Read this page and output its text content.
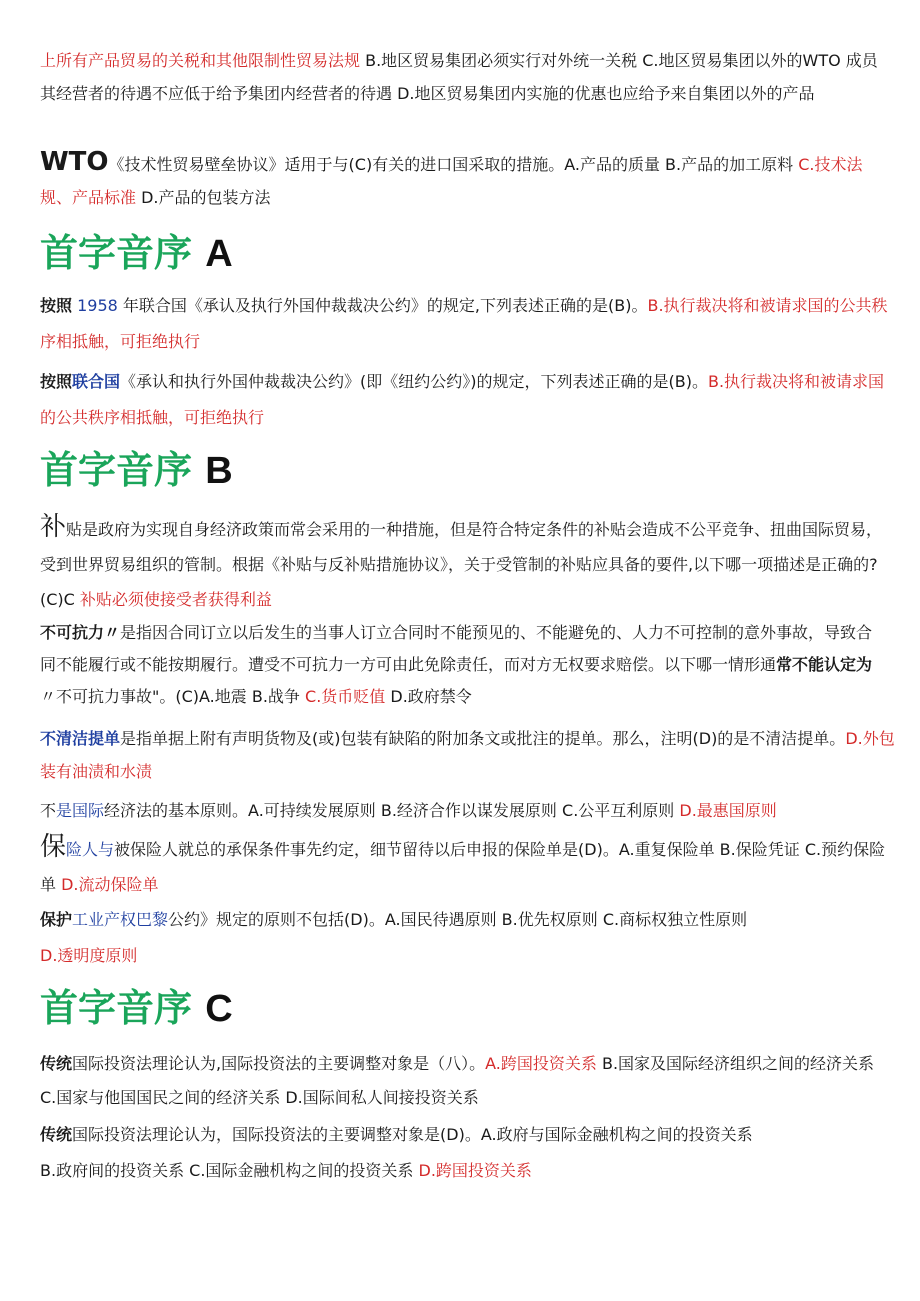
上所有产品贸易的关税和其他限制性贸易法规 B.地区贸易集团必须实行对外统一关税 C.地区贸易集团以外的WTO 成员其经营者的待遇不应低于给予集团内经营者的待遇 D.地区贸易集团内实施的优惠也应给予来自集团以外的产品

WTO《技术性贸易壁垒协议》适用于与(C)有关的进口国采取的措施。A.产品的质量 B.产品的加工原料 C.技术法规、产品标准 D.产品的包装方法

首字音序 A

按照 1958 年联合国《承认及执行外国仲裁裁决公约》的规定,下列表述正确的是(B)。B.执行裁决将和被请求国的公共秩序相抵触，可拒绝执行

按照联合国《承认和执行外国仲裁裁决公约》(即《纽约公约》)的规定，下列表述正确的是(B)。B.执行裁决将和被请求国的公共秩序相抵触，可拒绝执行

首字音序 B

补贴是政府为实现自身经济政策而常会采用的一种措施，但是符合特定条件的补贴会造成不公平竞争、扭曲国际贸易，受到世界贸易组织的管制。根据《补贴与反补贴措施协议》，关于受管制的补贴应具备的要件,以下哪一项描述是正确的?(C)C 补贴必须使接受者获得利益

不可抗力〃是指因合同订立以后发生的当事人订立合同时不能预见的、不能避免的、人力不可控制的意外事故，导致合同不能履行或不能按期履行。遭受不可抗力一方可由此免除责任，而对方无权要求赔偿。以下哪一情形通常不能认定为〃不可抗力事故"。(C)A.地震 B.战争 C.货币贬值 D.政府禁令

不清洁提单是指单据上附有声明货物及(或)包装有缺陷的附加条文或批注的提单。那么，注明(D)的是不清洁提单。D.外包装有油渍和水渍

不是国际经济法的基本原则。A.可持续发展原则 B.经济合作以谋发展原则 C.公平互利原则 D.最惠国原则

保险人与被保险人就总的承保条件事先约定，细节留待以后申报的保险单是(D)。A.重复保险单 B.保险凭证 C.预约保险单 D.流动保险单

保护工业产权巴黎公约》规定的原则不包括(D)。A.国民待遇原则 B.优先权原则 C.商标权独立性原则
D.透明度原则

首字音序 C

传统国际投资法理论认为,国际投资法的主要调整对象是（八）。A.跨国投资关系 B.国家及国际经济组织之间的经济关系 C.国家与他国国民之间的经济关系 D.国际间私人间接投资关系

传统国际投资法理论认为，国际投资法的主要调整对象是(D)。A.政府与国际金融机构之间的投资关系
B.政府间的投资关系 C.国际金融机构之间的投资关系 D.跨国投资关系
